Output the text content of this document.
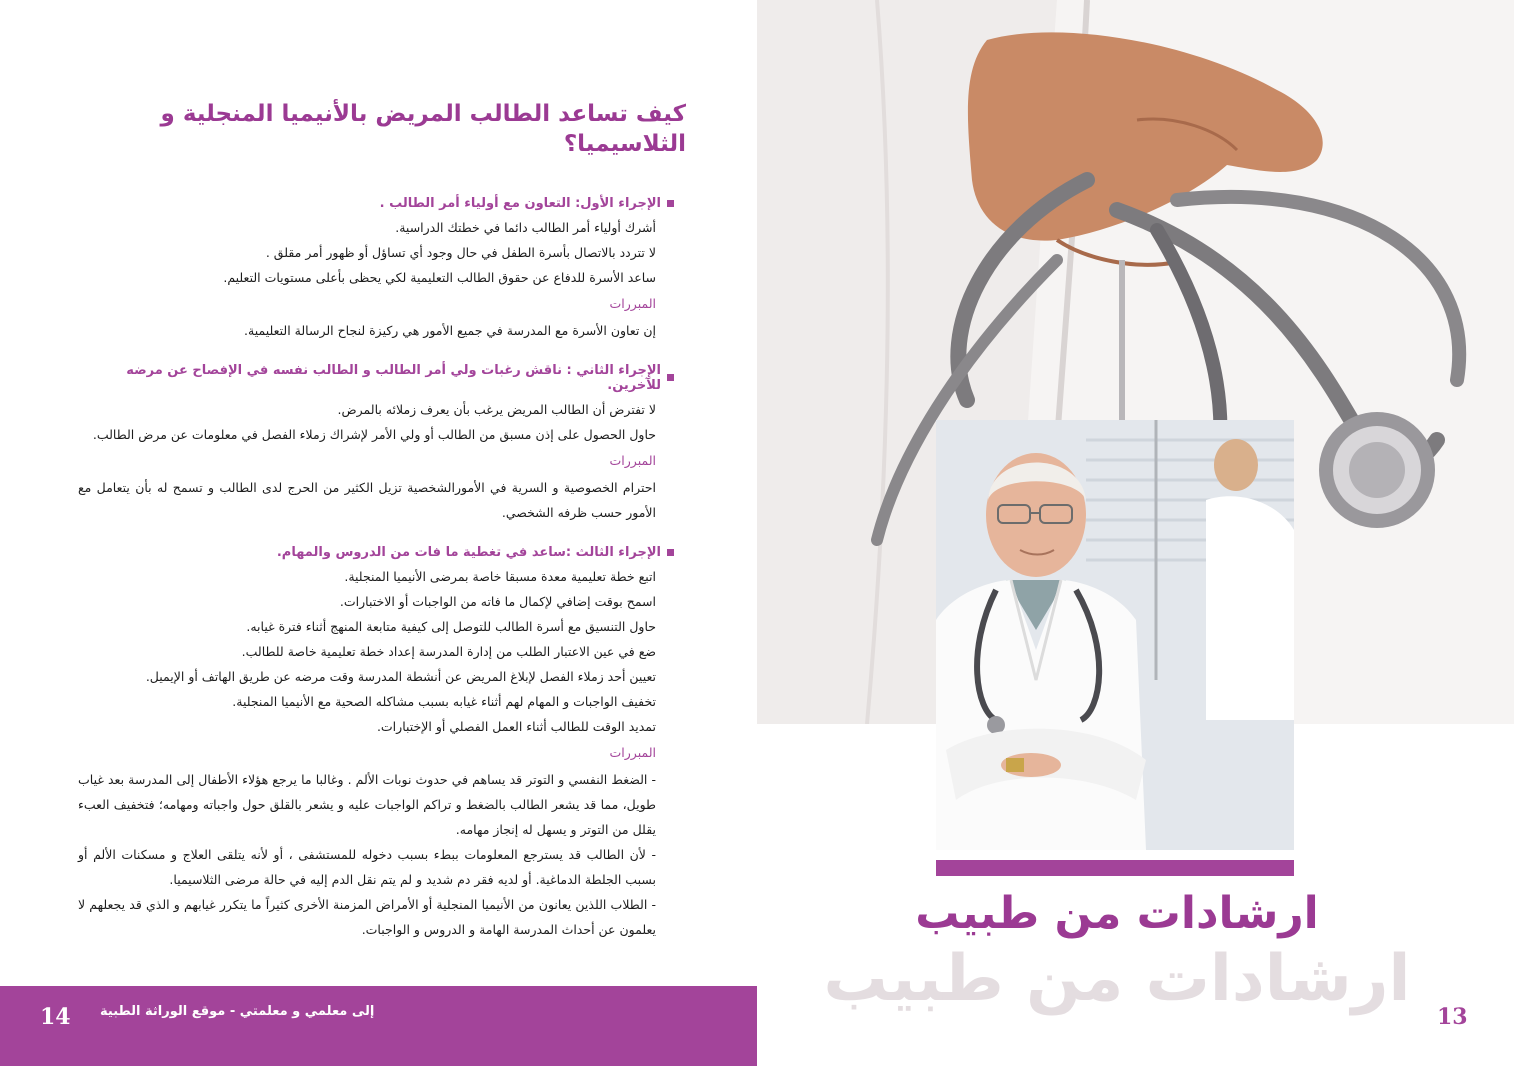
كيف تساعد الطالب المريض بالأنيميا المنجلية و الثلاسيميا؟
الإجراء الأول: التعاون مع أولياء أمر الطالب .
أشرك أولياء أمر الطالب دائما في خطتك الدراسية.
لا تتردد بالاتصال بأسرة الطفل في حال وجود أي تساؤل أو ظهور أمر مقلق .
ساعد الأسرة للدفاع عن حقوق الطالب التعليمية لكي يحظى بأعلى مستويات التعليم.
المبررات
إن تعاون الأسرة مع المدرسة في جميع الأمور هي ركيزة لنجاح الرسالة التعليمية.
الإجراء الثاني : ناقش رغبات ولي أمر الطالب و الطالب نفسه في الإفصاح عن مرضه للآخرين.
لا تفترض أن الطالب المريض يرغب بأن يعرف زملائه بالمرض.
حاول الحصول على إذن مسبق من الطالب أو ولي الأمر لإشراك زملاء الفصل في معلومات عن مرض الطالب.
المبررات
احترام الخصوصية و السرية في الأمورالشخصية تزيل الكثير من الحرج لدى الطالب و تسمح له بأن يتعامل مع الأمور حسب ظرفه الشخصي.
الإجراء الثالث :ساعد في تغطية ما فات من الدروس والمهام.
اتبع خطة تعليمية معدة مسبقا خاصة بمرضى الأنيميا المنجلية.
اسمح بوقت إضافي لإكمال ما فاته من الواجبات أو الاختبارات.
حاول التنسيق مع أسرة الطالب للتوصل إلى كيفية متابعة المنهج أثناء فترة غيابه.
ضع في عين الاعتبار الطلب من إدارة المدرسة إعداد خطة تعليمية خاصة للطالب.
تعيين أحد زملاء الفصل لإبلاغ المريض عن أنشطة المدرسة وقت مرضه عن طريق الهاتف أو الإيميل.
تخفيف الواجبات و المهام لهم أثناء غيابه بسبب مشاكله الصحية مع الأنيميا المنجلية.
تمديد الوقت للطالب أثناء العمل الفصلي أو الإختبارات.
المبررات
- الضغط النفسي و التوتر قد يساهم في حدوث نوبات الألم . وغالبا ما يرجع هؤلاء الأطفال إلى المدرسة بعد غياب طويل، مما قد يشعر الطالب بالضغط و تراكم الواجبات عليه و يشعر بالقلق حول واجباته ومهامه؛ فتخفيف العبء يقلل من التوتر و يسهل له إنجاز مهامه.
- لأن الطالب قد يسترجع المعلومات ببطء بسبب دخوله للمستشفى ، أو لأنه يتلقى العلاج و مسكنات الألم أو بسبب الجلطة الدماغية. أو لديه فقر دم شديد و لم يتم نقل الدم إليه في حالة مرضى الثلاسيميا.
- الطلاب اللذين يعانون من الأنيميا المنجلية أو الأمراض المزمنة الأخرى كثيراً ما يتكرر غيابهم و الذي قد يجعلهم لا يعلمون عن أحداث المدرسة الهامة و الدروس و الواجبات.
إلى معلمي و معلمتي - موقع الوراثة الطبية
14
ارشادات من طبيب
ارشادات من طبيب
13
